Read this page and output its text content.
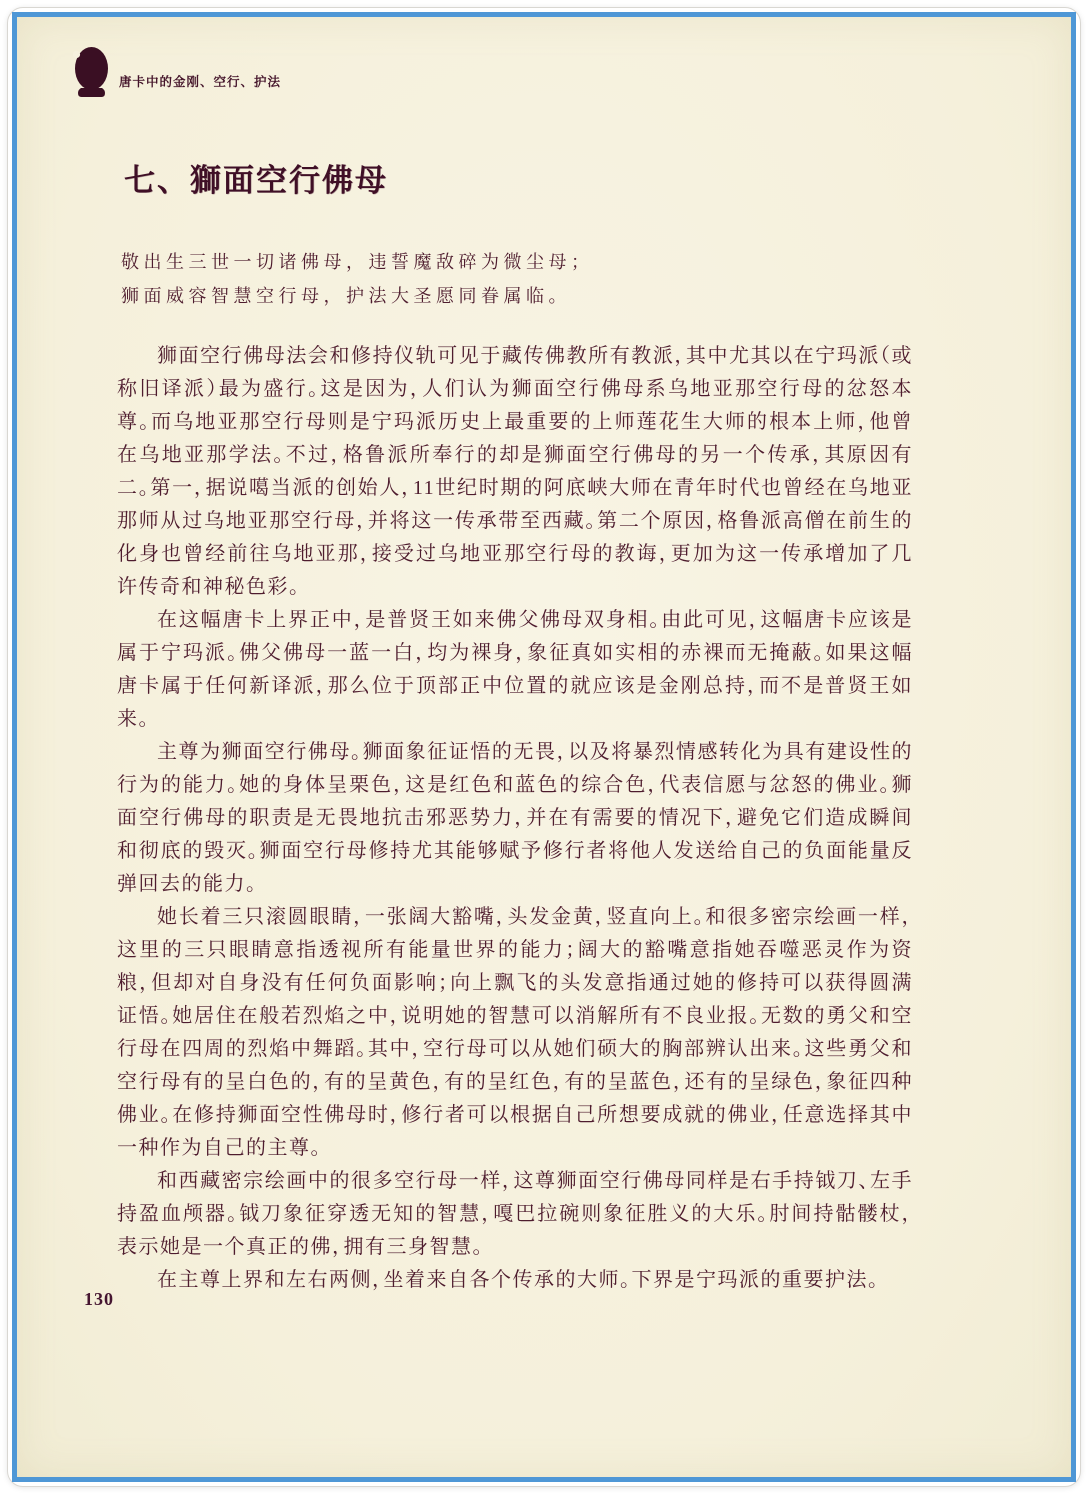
唐卡中的金刚、空行、护法

七、獅面空行佛母
敬出生三世一切诸佛母，违誓魔敌碎为微尘母；
狮面威容智慧空行母，护法大圣愿同眷属临。

狮面空行佛母法会和修持仪轨可见于藏传佛教所有教派，其中尤其以在宁玛派（或称旧译派）最为盛行。这是因为，人们认为狮面空行佛母系乌地亚那空行母的忿怒本尊。而乌地亚那空行母则是宁玛派历史上最重要的上师莲花生大师的根本上师，他曾在乌地亚那学法。不过，格鲁派所奉行的却是狮面空行佛母的另一个传承，其原因有二。第一，据说噶当派的创始人，11世纪时期的阿底峡大师在青年时代也曾经在乌地亚那师从过乌地亚那空行母，并将这一传承带至西藏。第二个原因，格鲁派高僧在前生的化身也曾经前往乌地亚那，接受过乌地亚那空行母的教诲，更加为这一传承增加了几许传奇和神秘色彩。

在这幅唐卡上界正中，是普贤王如来佛父佛母双身相。由此可见，这幅唐卡应该是属于宁玛派。佛父佛母一蓝一白，均为裸身，象征真如实相的赤裸而无掩蔽。如果这幅唐卡属于任何新译派，那么位于顶部正中位置的就应该是金刚总持，而不是普贤王如来。

主尊为狮面空行佛母。狮面象征证悟的无畏，以及将暴烈情感转化为具有建设性的行为的能力。她的身体呈栗色，这是红色和蓝色的综合色，代表信愿与忿怒的佛业。狮面空行佛母的职责是无畏地抗击邪恶势力，并在有需要的情况下，避免它们造成瞬间和彻底的毁灭。狮面空行母修持尤其能够赋予修行者将他人发送给自己的负面能量反弹回去的能力。

她长着三只滚圆眼睛，一张阔大豁嘴，头发金黄，竖直向上。和很多密宗绘画一样，这里的三只眼睛意指透视所有能量世界的能力；阔大的豁嘴意指她吞噬恶灵作为资粮，但却对自身没有任何负面影响；向上飘飞的头发意指通过她的修持可以获得圆满证悟。她居住在般若烈焰之中，说明她的智慧可以消解所有不良业报。无数的勇父和空行母在四周的烈焰中舞蹈。其中，空行母可以从她们硕大的胸部辨认出来。这些勇父和空行母有的呈白色的，有的呈黄色，有的呈红色，有的呈蓝色，还有的呈绿色，象征四种佛业。在修持狮面空性佛母时，修行者可以根据自己所想要成就的佛业，任意选择其中一种作为自己的主尊。

和西藏密宗绘画中的很多空行母一样，这尊狮面空行佛母同样是右手持钺刀、左手持盈血颅器。钺刀象征穿透无知的智慧，嘎巴拉碗则象征胜义的大乐。肘间持骷髅杖，表示她是一个真正的佛，拥有三身智慧。

在主尊上界和左右两侧，坐着来自各个传承的大师。下界是宁玛派的重要护法。

130
